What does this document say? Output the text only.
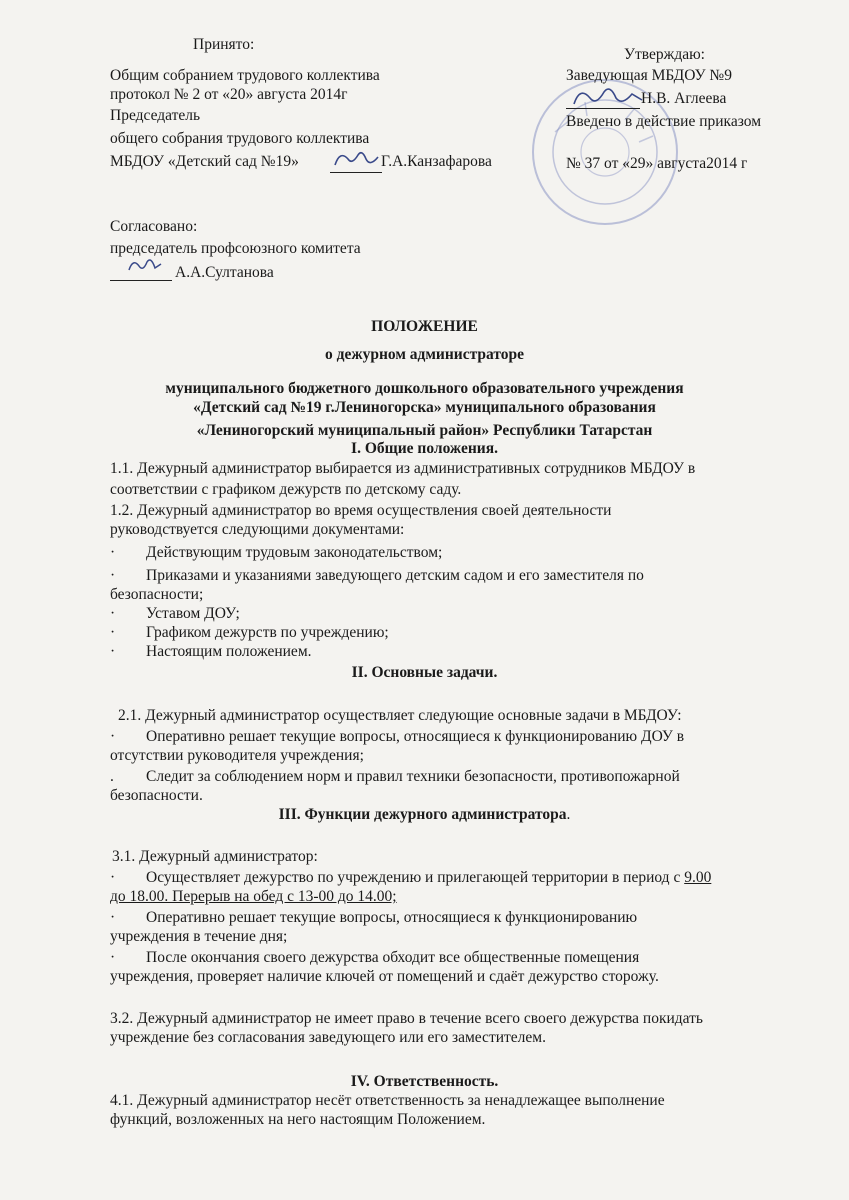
Принято:
Общим собранием трудового коллектива
протокол № 2 от «20» августа 2014г
Председатель
общего собрания трудового коллектива
МБДОУ «Детский сад №19»	Г.А.Канзафарова
Утверждаю:
Заведующая МБДОУ №9
Н.В. Аглеева
Введено в действие приказом
№ 37 от «29» августа2014 г
Согласовано:
председатель профсоюзного комитета
А.А.Султанова
ПОЛОЖЕНИЕ
о дежурном администраторе
муниципального бюджетного дошкольного образовательного учреждения
«Детский сад №19 г.Лениногорска» муниципального образования
«Лениногорский муниципальный район» Республики Татарстан
I. Общие положения.
1.1. Дежурный администратор выбирается из административных сотрудников МБДОУ в
соответствии с графиком дежурств по детскому саду.
1.2. Дежурный администратор во время осуществления своей деятельности
руководствуется следующими документами:
· Действующим трудовым законодательством;
· Приказами и указаниями заведующего детским садом и его заместителя по
безопасности;
· Уставом ДОУ;
· Графиком дежурств по учреждению;
· Настоящим положением.
II. Основные задачи.
2.1. Дежурный администратор осуществляет следующие основные задачи в МБДОУ:
· Оперативно решает текущие вопросы, относящиеся к функционированию ДОУ в
отсутствии руководителя учреждения;
. Следит за соблюдением норм и правил техники безопасности, противопожарной
безопасности.
III. Функции дежурного администратора.
3.1. Дежурный администратор:
· Осуществляет дежурство по учреждению и прилегающей территории в период с 9.00
до 18.00. Перерыв на обед с 13-00 до 14.00;
· Оперативно решает текущие вопросы, относящиеся к функционированию
учреждения в течение дня;
· После окончания своего дежурства обходит все общественные помещения
учреждения, проверяет наличие ключей от помещений и сдаёт дежурство сторожу.
3.2. Дежурный администратор не имеет право в течение всего своего дежурства покидать
учреждение без согласования заведующего или его заместителем.
IV. Ответственность.
4.1. Дежурный администратор несёт ответственность за ненадлежащее выполнение
функций, возложенных на него настоящим Положением.
